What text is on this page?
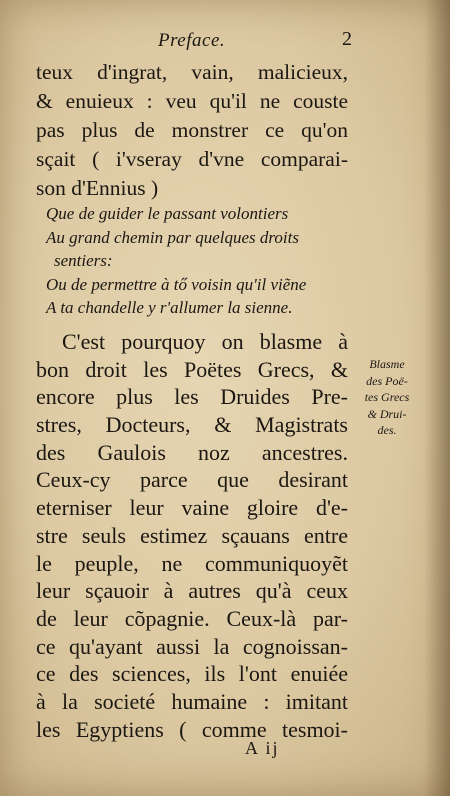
Preface.	2
teux d'ingrat, vain, malicieux,
& enuieux : veu qu'il ne couste
pas plus de monstrer ce qu'on
sçait ( i'vseray d'vne comparai-
son d'Ennius )
Que de guider le passant volontiers
Au grand chemin par quelques droits
sentiers:
Ou de permettre à tő voisin qu'il viẽne
A ta chandelle y r'allumer la sienne.
C'est pourquoy on blasme à
bon droit les Poëtes Grecs, &
encore plus les Druides Pre-
stres, Docteurs, & Magistrats
des Gaulois noz ancestres.
Ceux-cy parce que desirant
eterniser leur vaine gloire d'e-
stre seuls estimez sçauans entre
le peuple, ne communiquoyẽt
leur sçauoir à autres qu'à ceux
de leur cõpagnie. Ceux-là par-
ce qu'ayant aussi la cognoissan-
ce des sciences, ils l'ont enuiée
à la societé humaine : imitant
les Egyptiens ( comme tesmoi-
Blasme
des Poë-
tes Grecs
& Drui-
des.
A ij
